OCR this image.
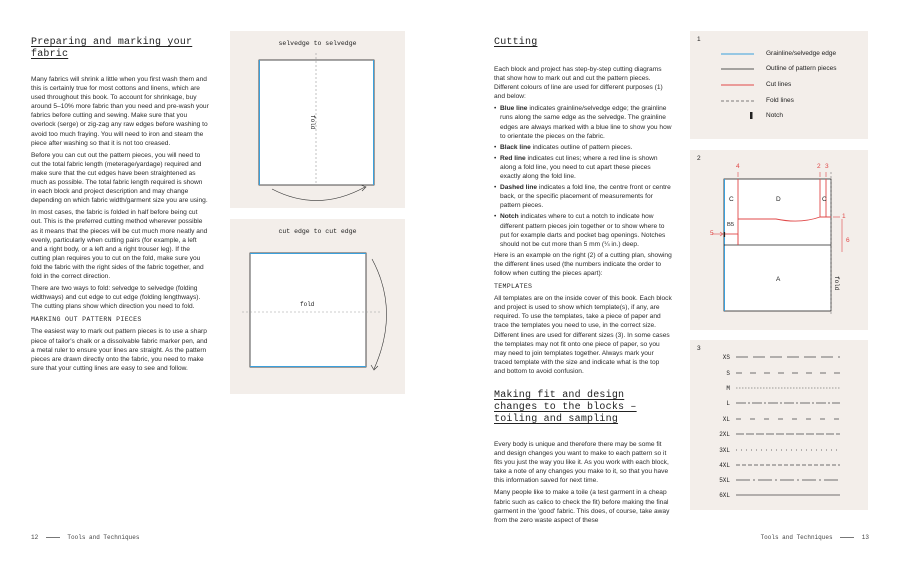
Preparing and marking your fabric

Many fabrics will shrink a little when you first wash them and this is certainly true for most cottons and linens, which are used throughout this book. To account for shrinkage, buy around 5–10% more fabric than you need and pre-wash your fabrics before cutting and sewing. Make sure that you overlock (serge) or zig-zag any raw edges before washing to avoid too much fraying. You will need to iron and steam the piece after washing so that it is not too creased.

Before you can cut out the pattern pieces, you will need to cut the total fabric length (meterage/yardage) required and make sure that the cut edges have been straightened as much as possible. The total fabric length required is shown in each block and project description and may change depending on which fabric width/garment size you are using.

In most cases, the fabric is folded in half before being cut out. This is the preferred cutting method wherever possible as it means that the pieces will be cut much more neatly and evenly, particularly when cutting pairs (for example, a left and a right body, or a left and a right trouser leg). If the cutting plan requires you to cut on the fold, make sure you fold the fabric with the right sides of the fabric together, and fold in the correct direction.

There are two ways to fold: selvedge to selvedge (folding widthways) and cut edge to cut edge (folding lengthways). The cutting plans show which direction you need to fold.

MARKING OUT PATTERN PIECES

The easiest way to mark out pattern pieces is to use a sharp piece of tailor's chalk or a dissolvable fabric marker pen, and a metal ruler to ensure your lines are straight. As the pattern pieces are drawn directly onto the fabric, you need to make sure that your cutting lines are easy to see and follow.

selvedge to selvedge
fold
cut edge to cut edge
fold
Cutting

Each block and project has step-by-step cutting diagrams that show how to mark out and cut the pattern pieces. Different colours of line are used for different purposes (1) and below:

• Blue line indicates grainline/selvedge edge; the grainline runs along the same edge as the selvedge. The grainline edges are always marked with a blue line to show you how to orientate the pieces on the fabric.
• Black line indicates outline of pattern pieces.
• Red line indicates cut lines; where a red line is shown along a fold line, you need to cut apart these pieces exactly along the fold line.
• Dashed line indicates a fold line, the centre front or centre back, or the specific placement of measurements for pattern pieces.
• Notch indicates where to cut a notch to indicate how different pattern pieces join together or to show where to put for example darts and pocket bag openings. Notches should not be cut more than 5 mm (¼ in.) deep.

Here is an example on the right (2) of a cutting plan, showing the different lines used (the numbers indicate the order to follow when cutting the pieces apart):

TEMPLATES

All templates are on the inside cover of this book. Each block and project is used to show which template(s), if any, are required. To use the templates, take a piece of paper and trace the templates you need to use, in the correct size. Different lines are used for different sizes (3). In some cases the templates may not fit onto one piece of paper, so you may need to join templates together. Always mark your traced template with the size and indicate what is the top and bottom to avoid confusion.

Making fit and design changes to the blocks – toiling and sampling

Every body is unique and therefore there may be some fit and design changes you want to make to each pattern so it fits you just the way you like it. As you work with each block, take a note of any changes you make to it, so that you have this information saved for next time.

Many people like to make a toile (a test garment in a cheap fabric such as calico to check the fit) before making the final garment in the 'good' fabric. This does, of course, take away from the zero waste aspect of these

1
Grainline/selvedge edge
Outline of pattern pieces
Cut lines
Fold lines
Notch
2
4	2 3
1
5
6
C	D	C
B5
A	fold
3
XS
S
M
L
XL
2XL
3XL
4XL
5XL
6XL
12	Tools and Techniques	Tools and Techniques	13
